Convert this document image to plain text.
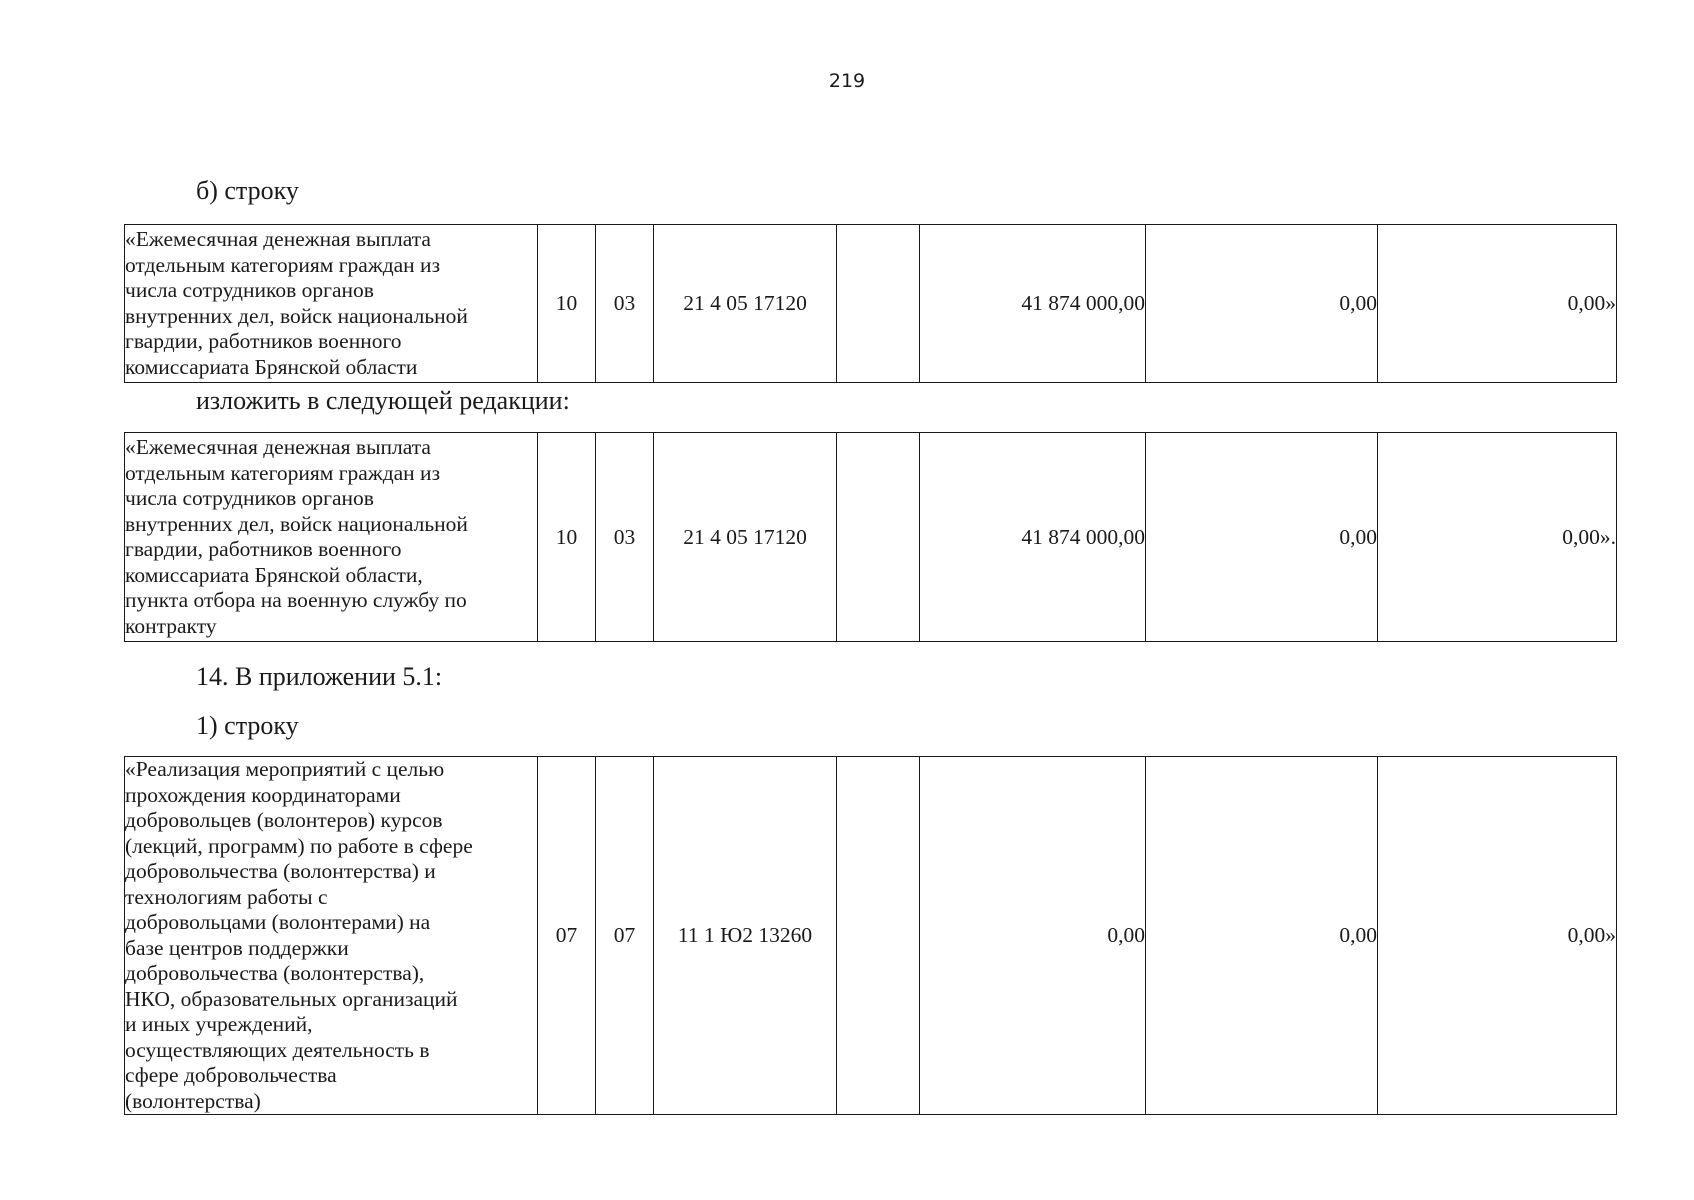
219
б) строку
«Ежемесячная денежная выплата
отдельным категориям граждан из
числа сотрудников органов
внутренних дел, войск национальной
гвардии, работников военного
комиссариата Брянской области
	10	03	21 4 05 17120		41 874 000,00	0,00	0,00»
изложить в следующей редакции:
«Ежемесячная денежная выплата
отдельным категориям граждан из
числа сотрудников органов
внутренних дел, войск национальной
гвардии, работников военного
комиссариата Брянской области,
пункта отбора на военную службу по
контракту
	10	03	21 4 05 17120		41 874 000,00	0,00	0,00».
14. В приложении 5.1:
1) строку
«Реализация мероприятий с целью
прохождения координаторами
добровольцев (волонтеров) курсов
(лекций, программ) по работе в сфере
добровольчества (волонтерства) и
технологиям работы с
добровольцами (волонтерами) на
базе центров поддержки
добровольчества (волонтерства),
НКО, образовательных организаций
и иных учреждений,
осуществляющих деятельность в
сфере добровольчества
(волонтерства)
	07	07	11 1 Ю2 13260		0,00	0,00	0,00»
